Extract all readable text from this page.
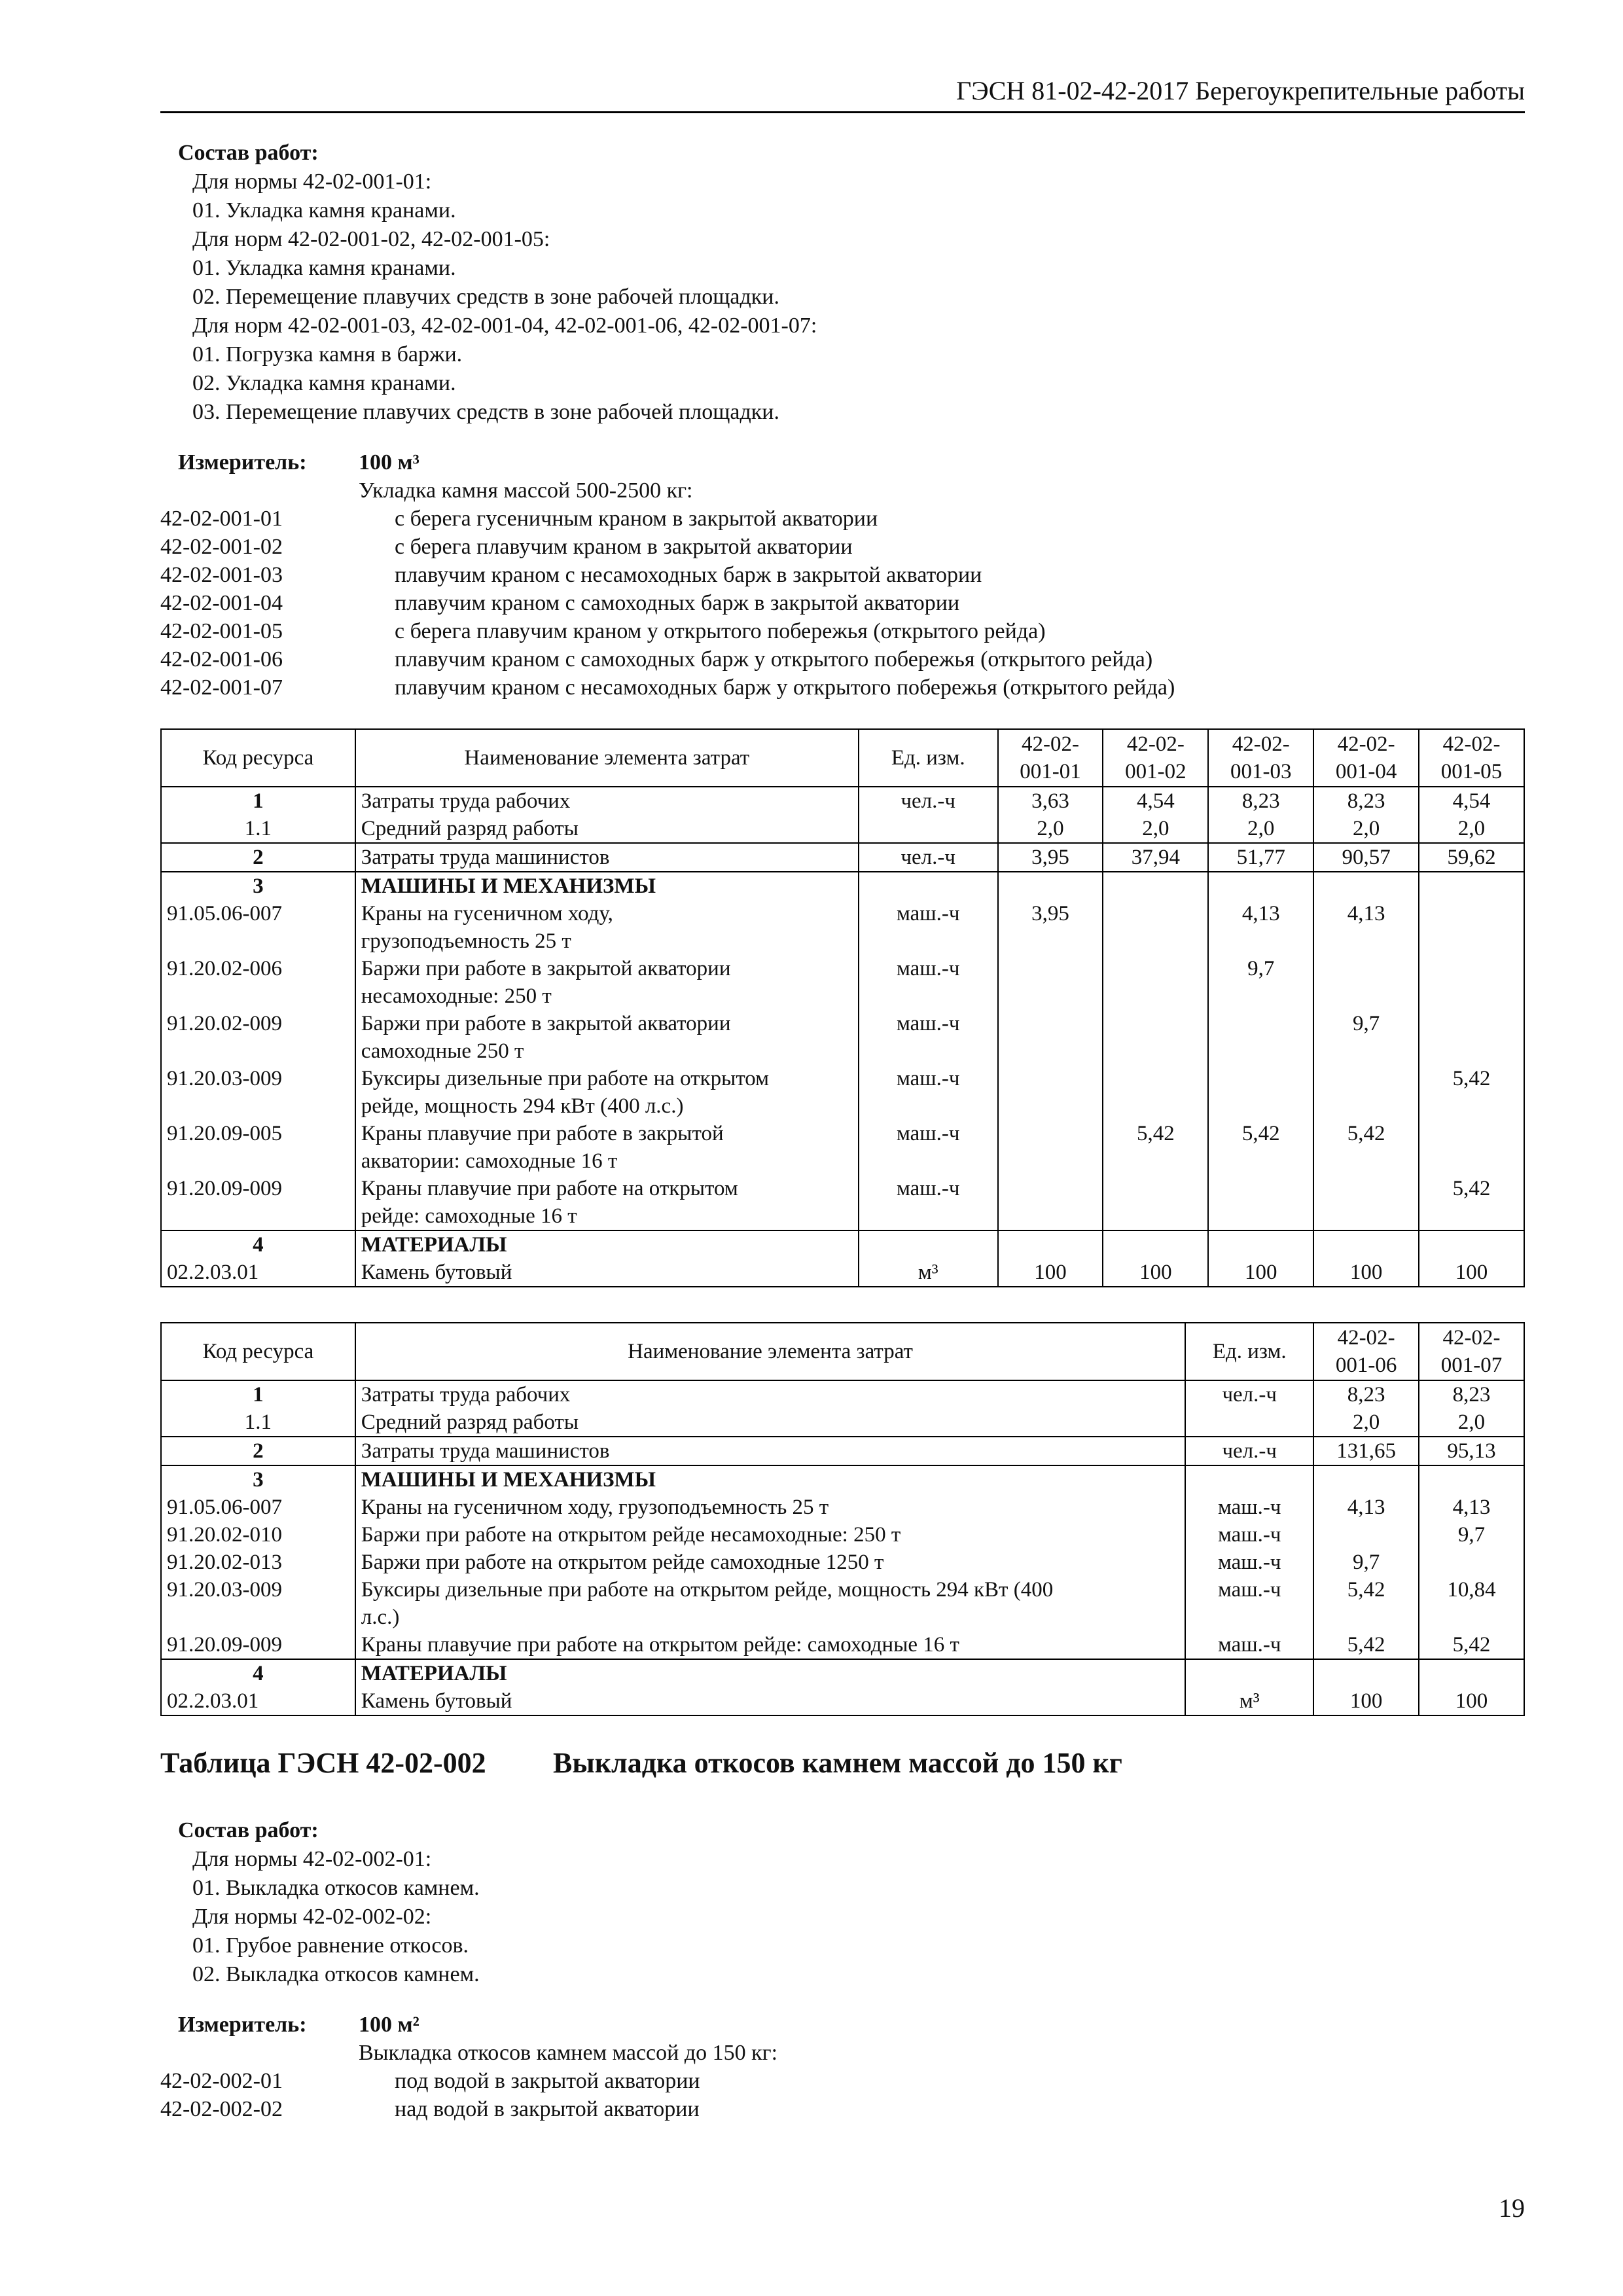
ГЭСН 81-02-42-2017 Берегоукрепительные работы
Состав работ:
Для нормы 42-02-001-01:
01. Укладка камня кранами.
Для норм 42-02-001-02, 42-02-001-05:
01. Укладка камня кранами.
02. Перемещение плавучих средств в зоне рабочей площадки.
Для норм 42-02-001-03, 42-02-001-04, 42-02-001-06, 42-02-001-07:
01. Погрузка камня в баржи.
02. Укладка камня кранами.
03. Перемещение плавучих средств в зоне рабочей площадки.
Измеритель: 100 м³
Укладка камня массой 500-2500 кг:
42-02-001-01	с берега гусеничным краном в закрытой акватории
42-02-001-02	с берега плавучим краном в закрытой акватории
42-02-001-03	плавучим краном с несамоходных барж в закрытой акватории
42-02-001-04	плавучим краном с самоходных барж в закрытой акватории
42-02-001-05	с берега плавучим краном у открытого побережья (открытого рейда)
42-02-001-06	плавучим краном с самоходных барж у открытого побережья (открытого рейда)
42-02-001-07	плавучим краном с несамоходных барж у открытого побережья (открытого рейда)
Код ресурса	Наименование элемента затрат	Ед. изм.	42-02-
001-01	42-02-
001-02	42-02-
001-03	42-02-
001-04	42-02-
001-05
1	Затраты труда рабочих	чел.-ч	3,63	4,54	8,23	8,23	4,54
1.1	Средний разряд работы		2,0	2,0	2,0	2,0	2,0
2	Затраты труда машинистов	чел.-ч	3,95	37,94	51,77	90,57	59,62
3	МАШИНЫ И МЕХАНИЗМЫ						
91.05.06-007	Краны на гусеничном ходу,
грузоподъемность 25 т	маш.-ч	3,95		4,13	4,13	
91.20.02-006	Баржи при работе в закрытой акватории
несамоходные: 250 т	маш.-ч			9,7		
91.20.02-009	Баржи при работе в закрытой акватории
самоходные 250 т	маш.-ч				9,7	
91.20.03-009	Буксиры дизельные при работе на открытом
рейде, мощность 294 кВт (400 л.с.)	маш.-ч					5,42
91.20.09-005	Краны плавучие при работе в закрытой
акватории: самоходные 16 т	маш.-ч		5,42	5,42	5,42	
91.20.09-009	Краны плавучие при работе на открытом
рейде: самоходные 16 т	маш.-ч					5,42
4	МАТЕРИАЛЫ						
02.2.03.01	Камень бутовый	м³	100	100	100	100	100
Код ресурса	Наименование элемента затрат	Ед. изм.	42-02-
001-06	42-02-
001-07
1	Затраты труда рабочих	чел.-ч	8,23	8,23
1.1	Средний разряд работы		2,0	2,0
2	Затраты труда машинистов	чел.-ч	131,65	95,13
3	МАШИНЫ И МЕХАНИЗМЫ			
91.05.06-007	Краны на гусеничном ходу, грузоподъемность 25 т	маш.-ч	4,13	4,13
91.20.02-010	Баржи при работе на открытом рейде несамоходные: 250 т	маш.-ч		9,7
91.20.02-013	Баржи при работе на открытом рейде самоходные 1250 т	маш.-ч	9,7	
91.20.03-009	Буксиры дизельные при работе на открытом рейде, мощность 294 кВт (400
л.с.)	маш.-ч	5,42	10,84
91.20.09-009	Краны плавучие при работе на открытом рейде: самоходные 16 т	маш.-ч	5,42	5,42
4	МАТЕРИАЛЫ			
02.2.03.01	Камень бутовый	м³	100	100
Таблица ГЭСН 42-02-002 Выкладка откосов камнем массой до 150 кг
Состав работ:
Для нормы 42-02-002-01:
01. Выкладка откосов камнем.
Для нормы 42-02-002-02:
01. Грубое равнение откосов.
02. Выкладка откосов камнем.
Измеритель: 100 м²
Выкладка откосов камнем массой до 150 кг:
42-02-002-01	под водой в закрытой акватории
42-02-002-02	над водой в закрытой акватории
19
